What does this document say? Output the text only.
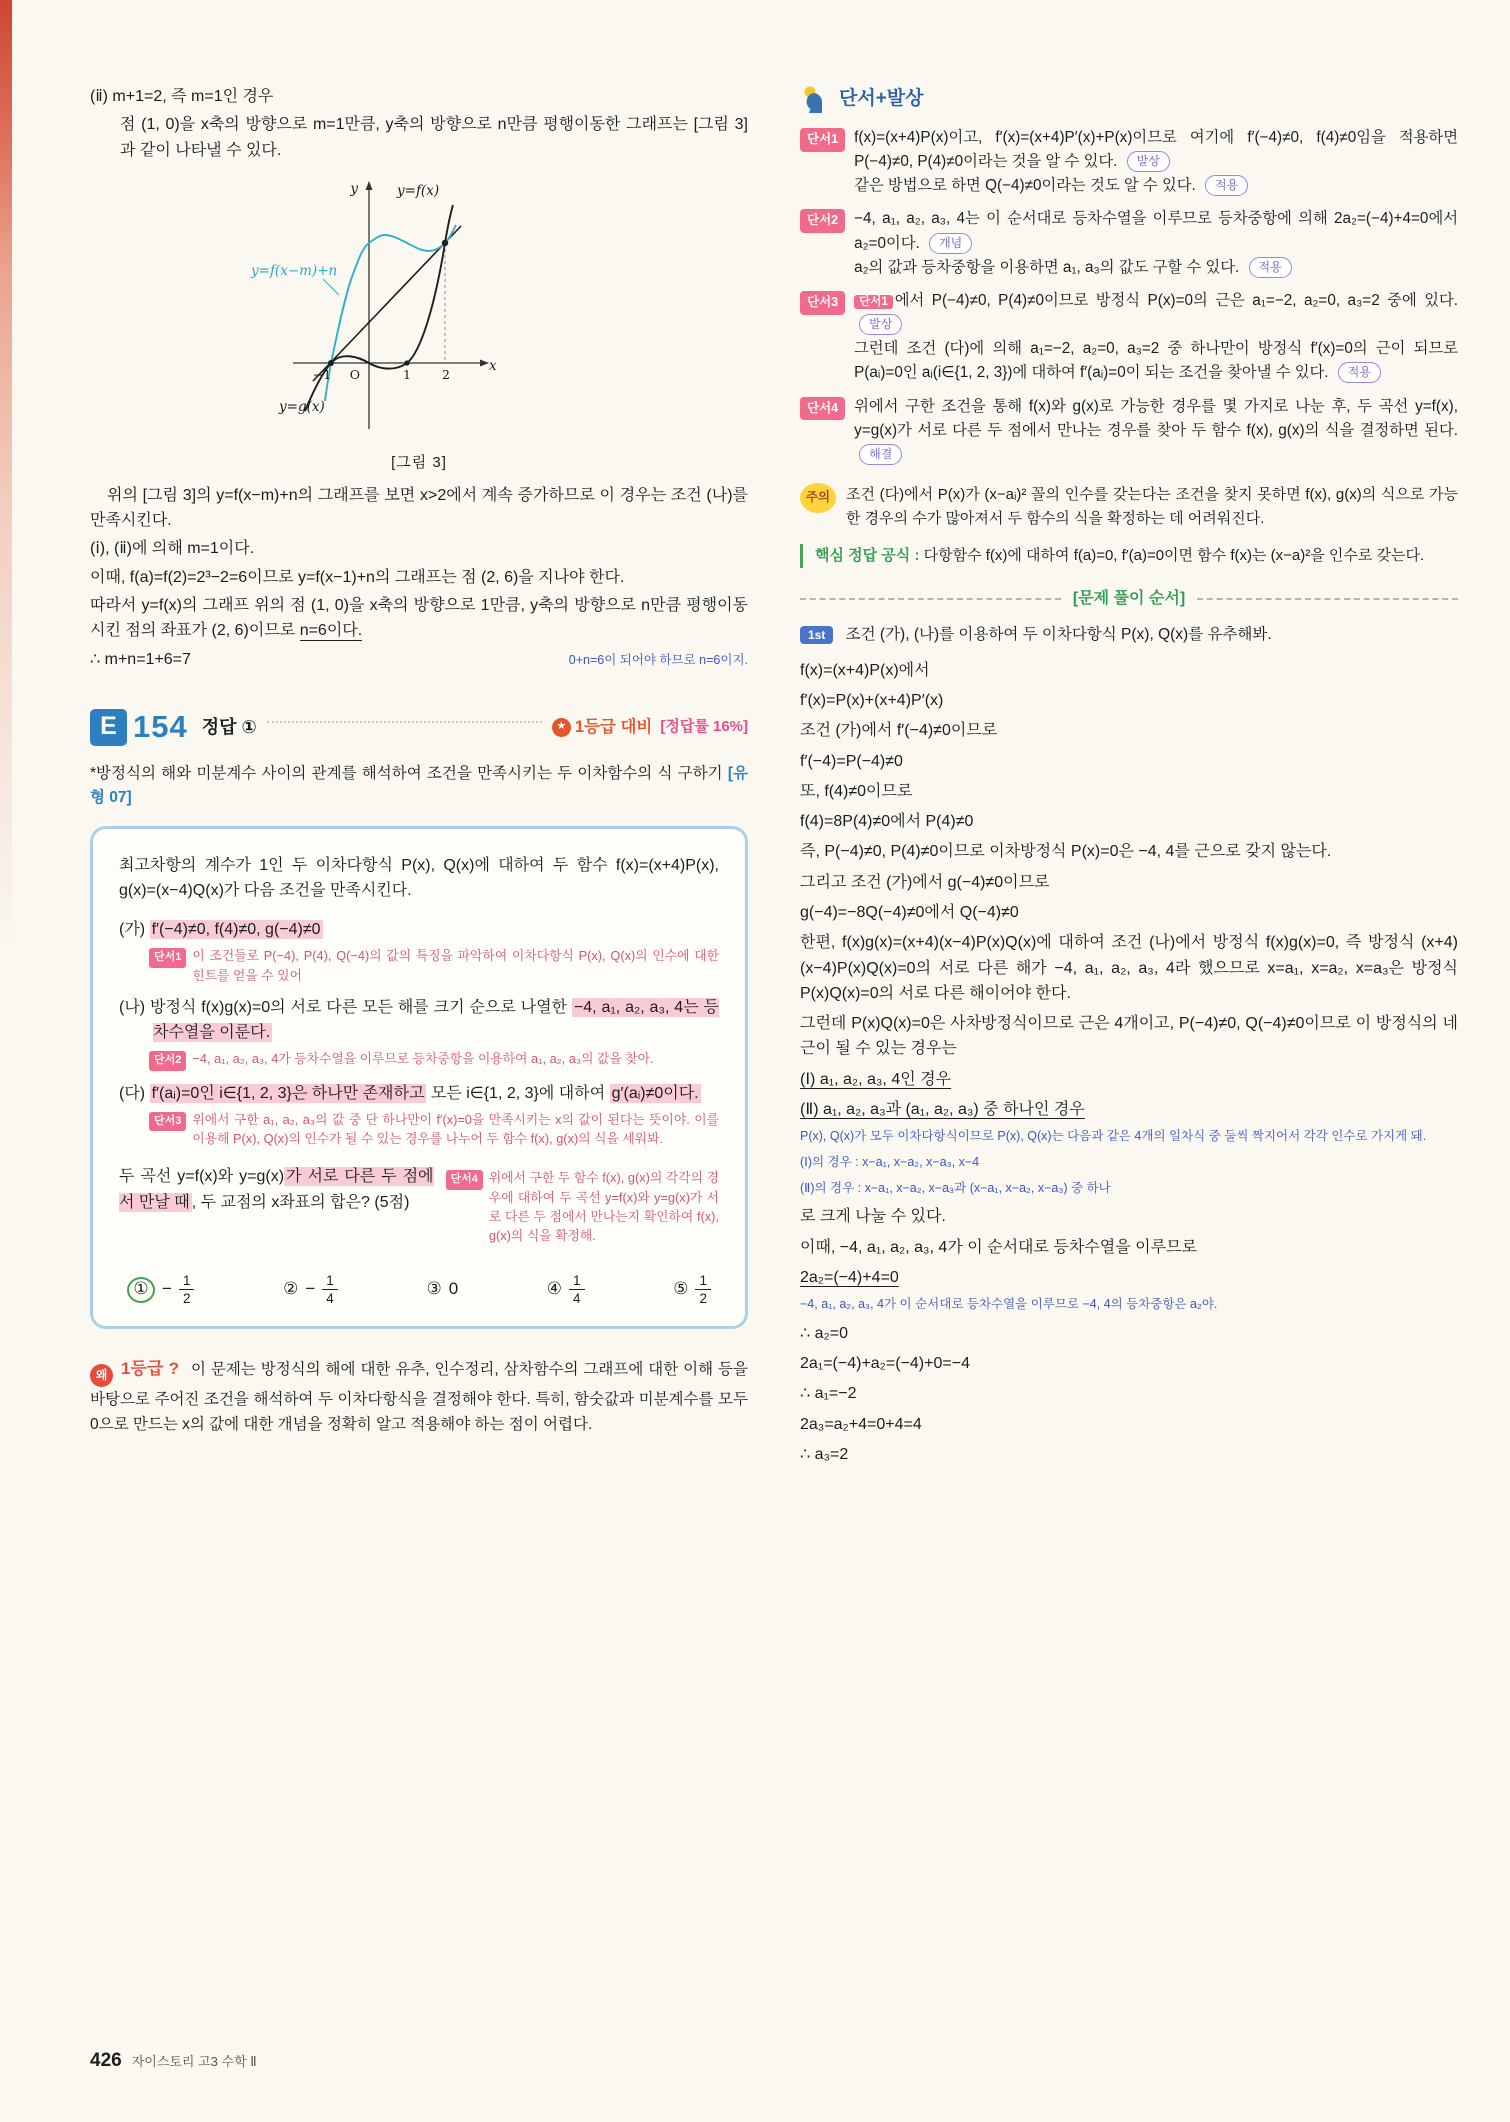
(ⅱ) m+1=2, 즉 m=1인 경우

점 (1, 0)을 x축의 방향으로 m=1만큼, y축의 방향으로 n만큼 평행이동한 그래프는 [그림 3]과 같이 나타낼 수 있다.

y=f(x)
y=f(x−m)+n
y=g(x)
x
y
−1 O	1 2
[그림 3]

위의 [그림 3]의 y=f(x−m)+n의 그래프를 보면 x>2에서 계속 증가하므로 이 경우는 조건 (나)를 만족시킨다.

(ⅰ), (ⅱ)에 의해 m=1이다.

이때, f(a)=f(2)=2³−2=6이므로 y=f(x−1)+n의 그래프는 점 (2, 6)을 지나야 한다.

따라서 y=f(x)의 그래프 위의 점 (1, 0)을 x축의 방향으로 1만큼, y축의 방향으로 n만큼 평행이동시킨 점의 좌표가 (2, 6)이므로 n=6이다.

∴ m+n=1+6=7	0+n=6이 되어야 하므로 n=6이지.
E 154 정답 ①	★ 1등급 대비 [정답률 16%]

*방정식의 해와 미분계수 사이의 관계를 해석하여 조건을 만족시키는 두 이차함수의 식 구하기 [유형 07]

최고차항의 계수가 1인 두 이차다항식 P(x), Q(x)에 대하여 두 함수 f(x)=(x+4)P(x), g(x)=(x−4)Q(x)가 다음 조건을 만족시킨다.

(가) f′(−4)≠0, f(4)≠0, g(−4)≠0

단서1 이 조건들로 P(−4), P(4), Q(−4)의 값의 특징을 파악하여 이차다항식 P(x), Q(x)의 인수에 대한 힌트를 얻을 수 있어

(나) 방정식 f(x)g(x)=0의 서로 다른 모든 해를 크기 순으로 나열한 −4, a₁, a₂, a₃, 4는 등차수열을 이룬다.

단서2 −4, a₁, a₂, a₃, 4가 등차수열을 이루므로 등차중항을 이용하여 a₁, a₂, a₃의 값을 찾아.

(다) f′(aᵢ)=0인 i∈{1, 2, 3}은 하나만 존재하고 모든 i∈{1, 2, 3}에 대하여 g′(aᵢ)≠0이다.

단서3 위에서 구한 a₁, a₂, a₃의 값 중 단 하나만이 f′(x)=0을 만족시키는 x의 값이 된다는 뜻이야. 이를 이용해 P(x), Q(x)의 인수가 될 수 있는 경우를 나누어 두 함수 f(x), g(x)의 식을 세워봐.

두 곡선 y=f(x)와 y=g(x) 가 서로 다른 두 점에서 만날 때 , 두 교점의 x좌표의 합은? (5점)

단서4 위에서 구한 두 함수 f(x), g(x)의 각각의 경우에 대하여 두 곡선 y=f(x)와 y=g(x)가 서로 다른 두 점에서 만나는지 확인하여 f(x), g(x)의 식을 확정해.
① − $\frac{1}{2}$	② − $\frac{1}{4}$	③ 0	④ $\frac{1}{4}$	⑤ $\frac{1}{2}$

왜 1등급 ? 이 문제는 방정식의 해에 대한 유추, 인수정리, 삼차함수의 그래프에 대한 이해 등을 바탕으로 주어진 조건을 해석하여 두 이차다항식을 결정해야 한다. 특히, 함숫값과 미분계수를 모두 0으로 만드는 x의 값에 대한 개념을 정확히 알고 적용해야 하는 점이 어렵다.

단서+발상
단서1	f(x)=(x+4)P(x)이고, f′(x)=(x+4)P′(x)+P(x)이므로 여기에 f′(−4)≠0, f(4)≠0임을 적용하면 P(−4)≠0, P(4)≠0이라는 것을 알 수 있다. 발상

같은 방법으로 하면 Q(−4)≠0이라는 것도 알 수 있다. 적용

단서2	−4, a₁, a₂, a₃, 4는 이 순서대로 등차수열을 이루므로 등차중항에 의해 2a₂=(−4)+4=0에서 a₂=0이다. 개념

a₂의 값과 등차중항을 이용하면 a₁, a₃의 값도 구할 수 있다. 적용

단서3	단서1 에서 P(−4)≠0, P(4)≠0이므로 방정식 P(x)=0의 근은 a₁=−2, a₂=0, a₃=2 중에 있다. 발상

그런데 조건 (다)에 의해 a₁=−2, a₂=0, a₃=2 중 하나만이 방정식 f′(x)=0의 근이 되므로 P(aᵢ)=0인 aᵢ(i∈{1, 2, 3})에 대하여 f′(aᵢ)=0이 되는 조건을 찾아낼 수 있다. 적용

단서4	위에서 구한 조건을 통해 f(x)와 g(x)로 가능한 경우를 몇 가지로 나눈 후, 두 곡선 y=f(x), y=g(x)가 서로 다른 두 점에서 만나는 경우를 찾아 두 함수 f(x), g(x)의 식을 결정하면 된다. 해결

주의	조건 (다)에서 P(x)가 (x−aᵢ)² 꼴의 인수를 갖는다는 조건을 찾지 못하면 f(x), g(x)의 식으로 가능한 경우의 수가 많아져서 두 함수의 식을 확정하는 데 어려워진다.

핵심 정답 공식 : 다항함수 f(x)에 대하여 f(a)=0, f′(a)=0이면 함수 f(x)는 (x−a)²을 인수로 갖는다.
[문제 풀이 순서]

1st 조건 (가), (나)를 이용하여 두 이차다항식 P(x), Q(x)를 유추해봐.

f(x)=(x+4)P(x)에서

f′(x)=P(x)+(x+4)P′(x)

조건 (가)에서 f′(−4)≠0이므로

f′(−4)=P(−4)≠0

또, f(4)≠0이므로

f(4)=8P(4)≠0에서 P(4)≠0

즉, P(−4)≠0, P(4)≠0이므로 이차방정식 P(x)=0은 −4, 4를 근으로 갖지 않는다.

그리고 조건 (가)에서 g(−4)≠0이므로

g(−4)=−8Q(−4)≠0에서 Q(−4)≠0

한편, f(x)g(x)=(x+4)(x−4)P(x)Q(x)에 대하여 조건 (나)에서 방정식 f(x)g(x)=0, 즉 방정식 (x+4)(x−4)P(x)Q(x)=0의 서로 다른 해가 −4, a₁, a₂, a₃, 4라 했으므로 x=a₁, x=a₂, x=a₃은 방정식 P(x)Q(x)=0의 서로 다른 해이어야 한다.

그런데 P(x)Q(x)=0은 사차방정식이므로 근은 4개이고, P(−4)≠0, Q(−4)≠0이므로 이 방정식의 네 근이 될 수 있는 경우는

(Ⅰ) a₁, a₂, a₃, 4인 경우

(Ⅱ) a₁, a₂, a₃과 (a₁, a₂, a₃) 중 하나인 경우

P(x), Q(x)가 모두 이차다항식이므로 P(x), Q(x)는 다음과 같은 4개의 일차식 중 둘씩 짝지어서 각각 인수로 가지게 돼.

(Ⅰ)의 경우 : x−a₁, x−a₂, x−a₃, x−4

(Ⅱ)의 경우 : x−a₁, x−a₂, x−a₃과 (x−a₁, x−a₂, x−a₃) 중 하나

로 크게 나눌 수 있다.

이때, −4, a₁, a₂, a₃, 4가 이 순서대로 등차수열을 이루므로

2a₂=(−4)+4=0

−4, a₁, a₂, a₃, 4가 이 순서대로 등차수열을 이루므로 −4, 4의 등차중항은 a₂야.

∴ a₂=0

2a₁=(−4)+a₂=(−4)+0=−4

∴ a₁=−2

2a₃=a₂+4=0+4=4

∴ a₃=2

426 자이스토리 고3 수학 Ⅱ
